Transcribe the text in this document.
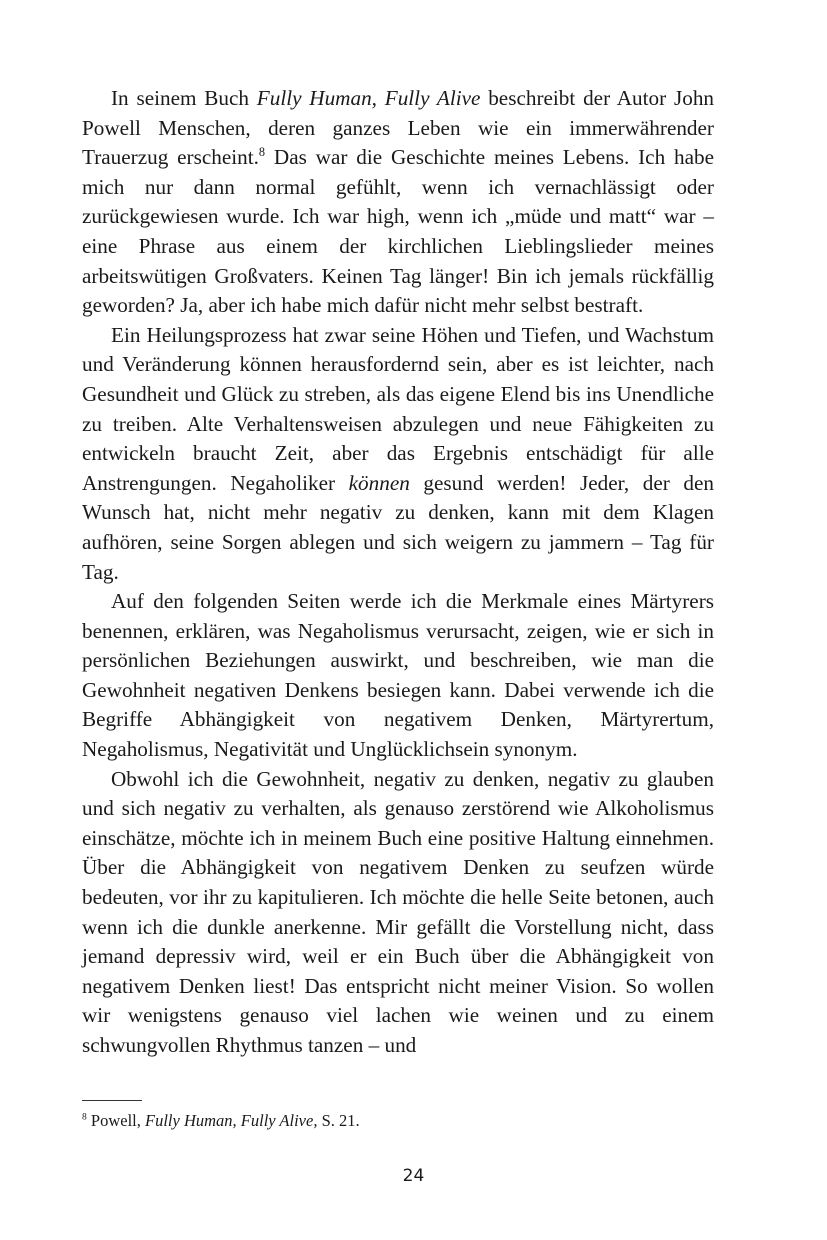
In seinem Buch Fully Human, Fully Alive beschreibt der Autor John Powell Menschen, deren ganzes Leben wie ein immerwährender Trauerzug erscheint.$^8$ Das war die Geschichte meines Lebens. Ich habe mich nur dann normal gefühlt, wenn ich vernachlässigt oder zurückgewiesen wurde. Ich war high, wenn ich „müde und matt“ war – eine Phrase aus einem der kirchlichen Lieblingslieder meines arbeitswütigen Großvaters. Keinen Tag länger! Bin ich jemals rückfällig geworden? Ja, aber ich habe mich dafür nicht mehr selbst bestraft.

Ein Heilungsprozess hat zwar seine Höhen und Tiefen, und Wachstum und Veränderung können herausfordernd sein, aber es ist leichter, nach Gesundheit und Glück zu streben, als das eigene Elend bis ins Unendliche zu treiben. Alte Verhaltensweisen abzulegen und neue Fähigkeiten zu entwickeln braucht Zeit, aber das Ergebnis entschädigt für alle Anstrengungen. Negaholiker können gesund werden! Jeder, der den Wunsch hat, nicht mehr negativ zu denken, kann mit dem Klagen aufhören, seine Sorgen ablegen und sich weigern zu jammern – Tag für Tag.

Auf den folgenden Seiten werde ich die Merkmale eines Märtyrers benennen, erklären, was Negaholismus verursacht, zeigen, wie er sich in persönlichen Beziehungen auswirkt, und beschreiben, wie man die Gewohnheit negativen Denkens besiegen kann. Dabei verwende ich die Begriffe Abhängigkeit von negativem Denken, Märtyrertum, Negaholismus, Negativität und Unglücklichsein synonym.

Obwohl ich die Gewohnheit, negativ zu denken, negativ zu glauben und sich negativ zu verhalten, als genauso zerstörend wie Alkoholismus einschätze, möchte ich in meinem Buch eine positive Haltung einnehmen. Über die Abhängigkeit von negativem Denken zu seufzen würde bedeuten, vor ihr zu kapitulieren. Ich möchte die helle Seite betonen, auch wenn ich die dunkle anerkenne. Mir gefällt die Vorstellung nicht, dass jemand depressiv wird, weil er ein Buch über die Abhängigkeit von negativem Denken liest! Das entspricht nicht meiner Vision. So wollen wir wenigstens genauso viel lachen wie weinen und zu einem schwungvollen Rhythmus tanzen – und

$^8$ Powell, Fully Human, Fully Alive, S. 21.
24
